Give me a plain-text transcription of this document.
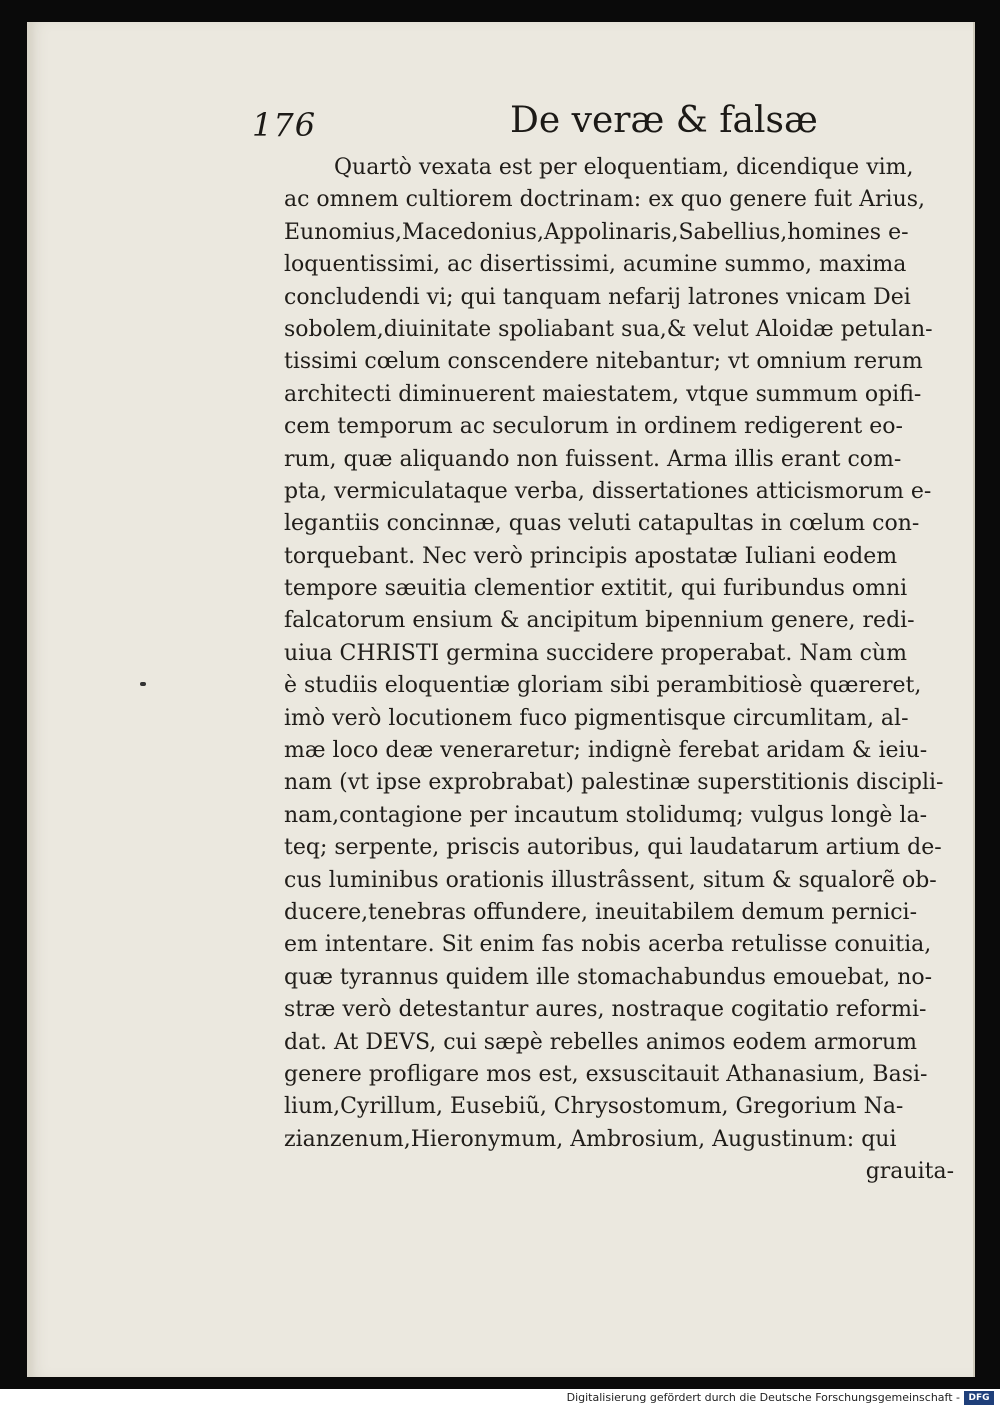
176	De veræ & falsæ
Quartò vexata est per eloquentiam, dicendique vim,
ac omnem cultiorem doctrinam: ex quo genere fuit Arius,
Eunomius,Macedonius,Appolinaris,Sabellius,homines e-
loquentissimi, ac disertissimi, acumine summo, maxima
concludendi vi; qui tanquam nefarij latrones vnicam Dei
sobolem,diuinitate spoliabant sua,& velut Aloidæ petulan-
tissimi cœlum conscendere nitebantur; vt omnium rerum
architecti diminuerent maiestatem, vtque summum opifi-
cem temporum ac seculorum in ordinem redigerent eo-
rum, quæ aliquando non fuissent. Arma illis erant com-
pta, vermiculataque verba, dissertationes atticismorum e-
legantiis concinnæ, quas veluti catapultas in cœlum con-
torquebant. Nec verò principis apostatæ Iuliani eodem
tempore sæuitia clementior extitit, qui furibundus omni
falcatorum ensium & ancipitum bipennium genere, redi-
uiua CHRISTI germina succidere properabat. Nam cùm
è studiis eloquentiæ gloriam sibi perambitiosè quæreret,
imò verò locutionem fuco pigmentisque circumlitam, al-
mæ loco deæ veneraretur; indignè ferebat aridam & ieiu-
nam (vt ipse exprobrabat) palestinæ superstitionis discipli-
nam,contagione per incautum stolidumq; vulgus longè la-
teq; serpente, priscis autoribus, qui laudatarum artium de-
cus luminibus orationis illustrâssent, situm & squalorẽ ob-
ducere,tenebras offundere, ineuitabilem demum pernici-
em intentare. Sit enim fas nobis acerba retulisse conuitia,
quæ tyrannus quidem ille stomachabundus emouebat, no-
stræ verò detestantur aures, nostraque cogitatio reformi-
dat. At DEVS, cui sæpè rebelles animos eodem armorum
genere profligare mos est, exsuscitauit Athanasium, Basi-
lium,Cyrillum, Eusebiũ, Chrysostomum, Gregorium Na-
zianzenum,Hieronymum, Ambrosium, Augustinum: qui
grauita-
Digitalisierung gefördert durch die Deutsche Forschungsgemeinschaft - DFG
